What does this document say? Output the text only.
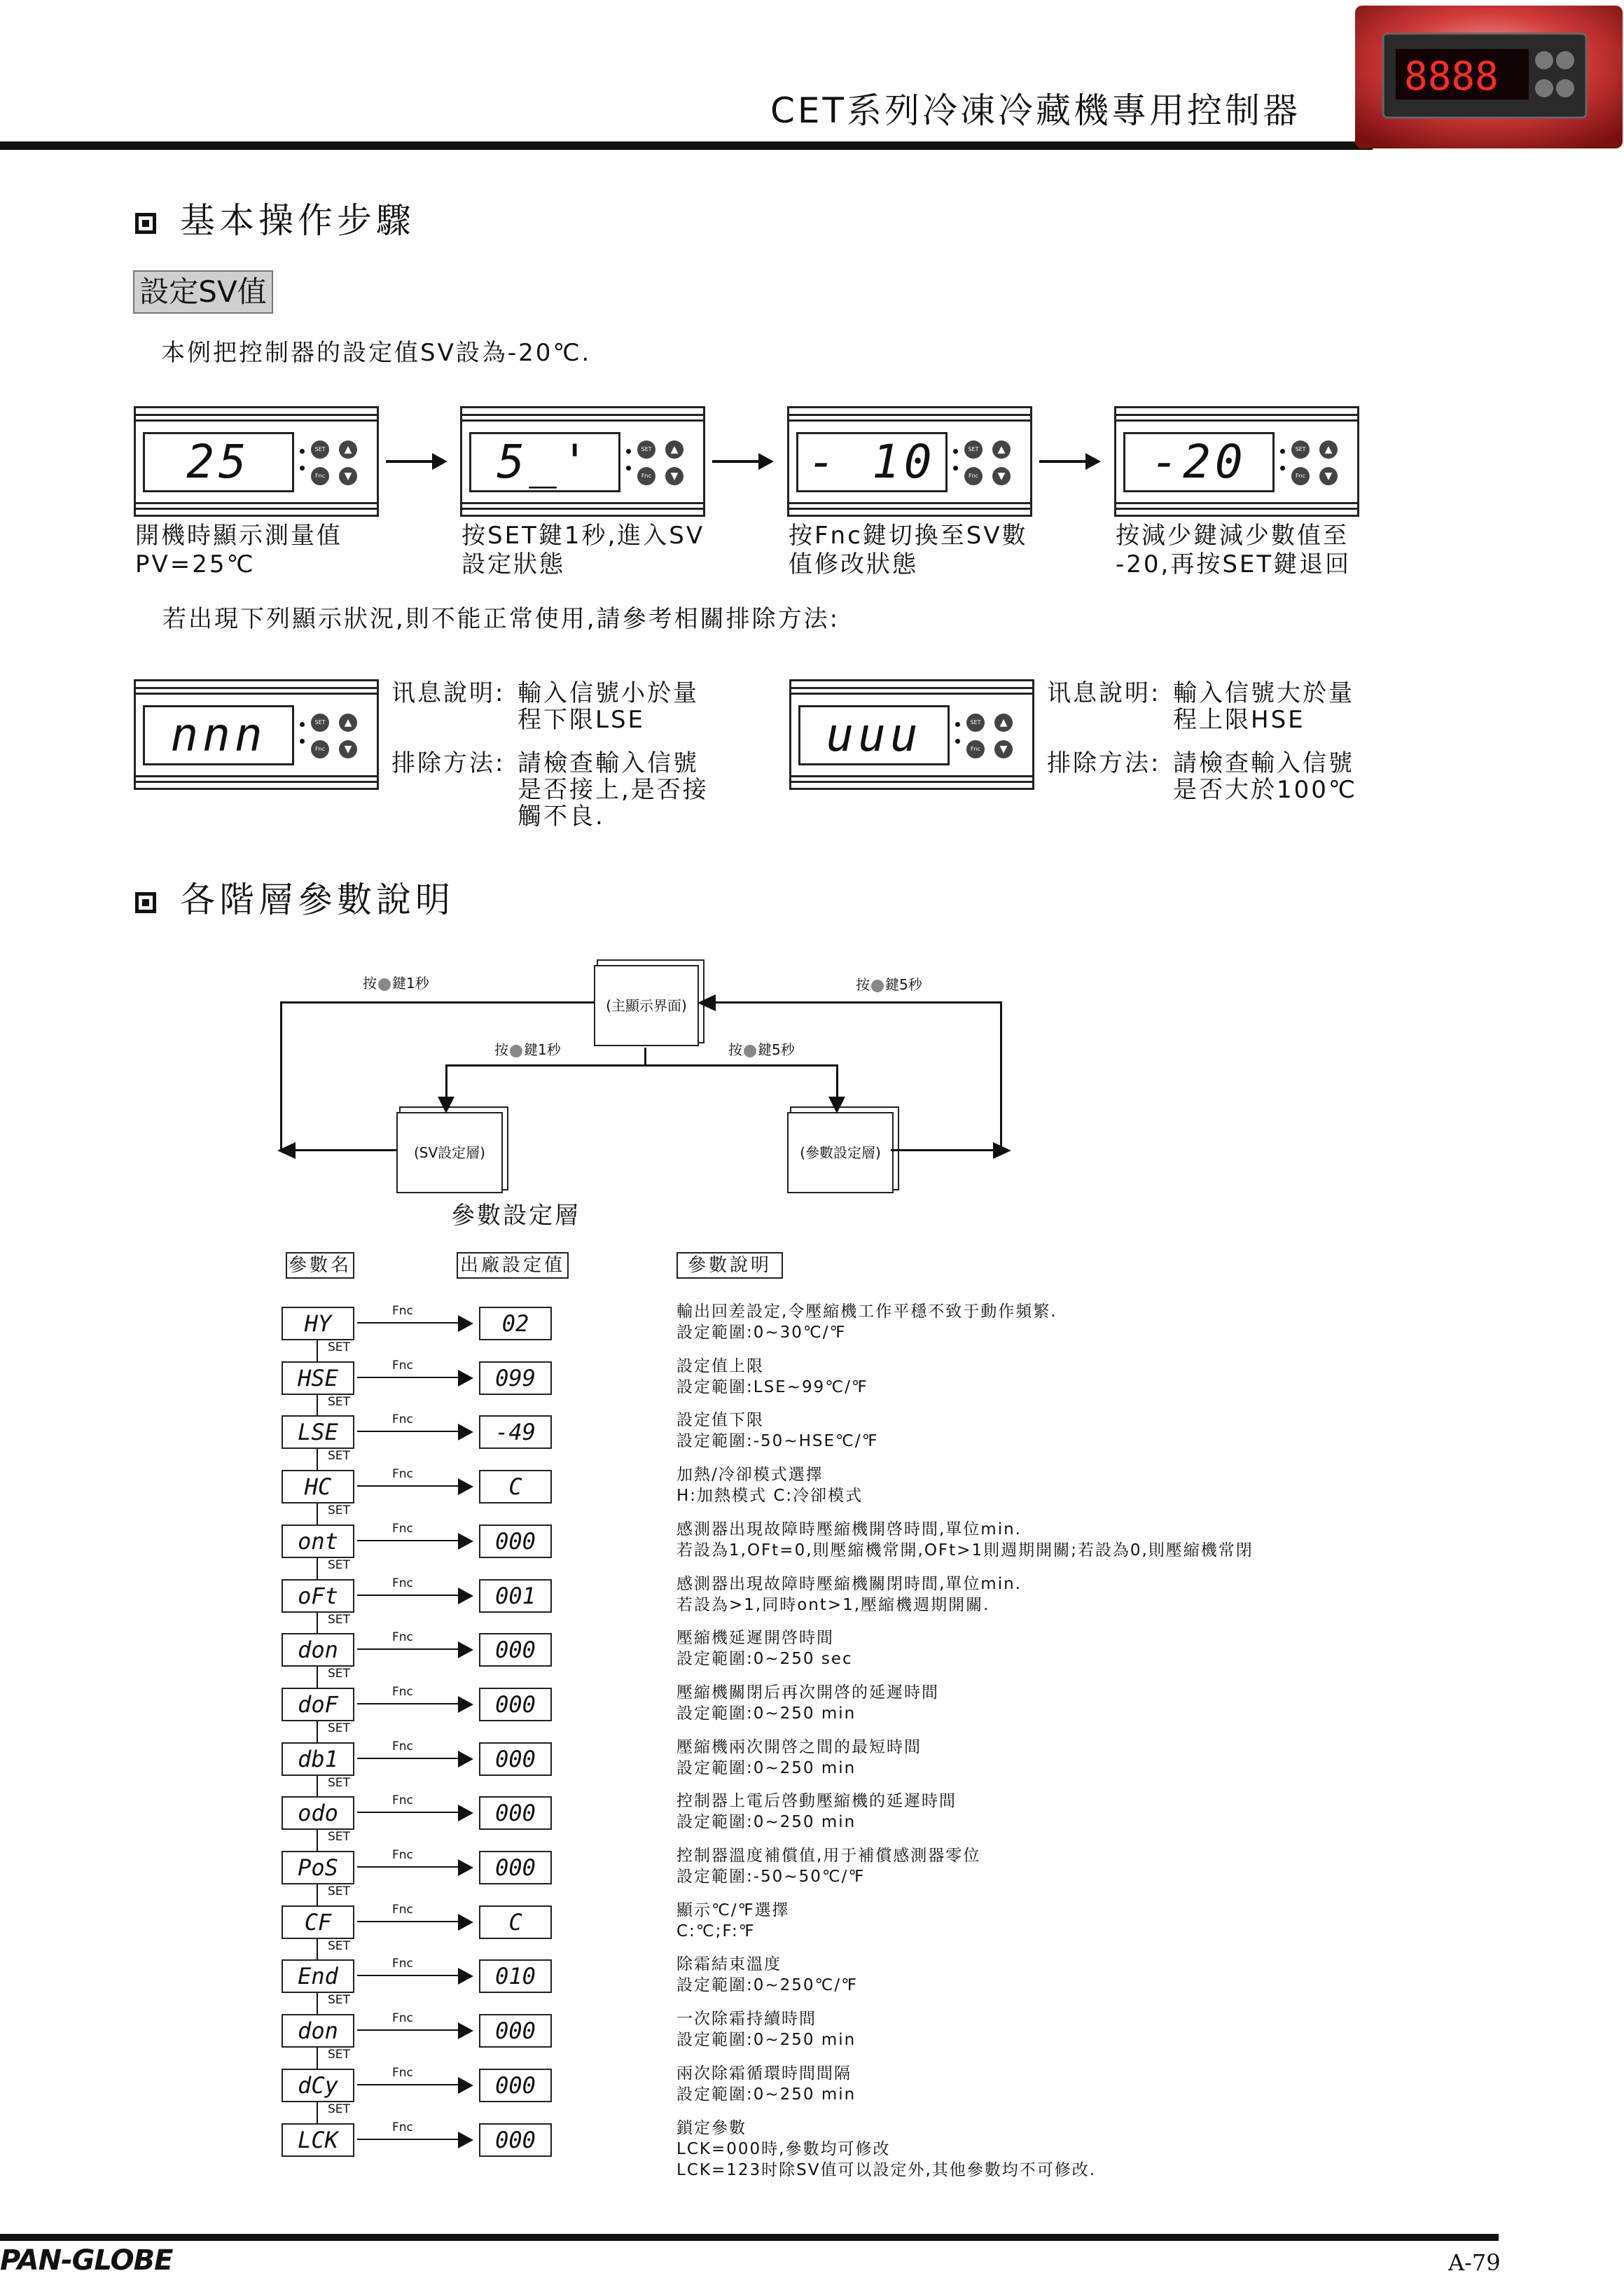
CET系列冷凍冷藏機專用控制器
8888
基本操作步驟
設定SV值
本例把控制器的設定值SV設為-20℃.
25	SET
Fnc
▲
▼
開機時顯示測量值
PV=25℃
5_'	SET
Fnc
▲
▼
按SET鍵1秒,進入SV
設定狀態
- 10	SET
Fnc
▲
▼
按Fnc鍵切換至SV數
值修改狀態
-20	SET
Fnc
▲
▼
按減少鍵減少數值至
-20,再按SET鍵退回
若出現下列顯示狀況,則不能正常使用,請參考相關排除方法:
nnn	SET
Fnc
▲
▼
讯息說明: 輸入信號小於量
程下限LSE
排除方法: 請檢查輸入信號
是否接上,是否接
觸不良.
uuu	SET
Fnc
▲
▼
讯息說明: 輸入信號大於量
程上限HSE
排除方法: 請檢查輸入信號
是否大於100℃
各階層參數說明
(主顯示界面)
(SV設定層)	(參數設定層)
按 鍵1秒	按 鍵5秒
按 鍵1秒	按 鍵5秒
參數設定層
參數名	出廠設定值	參數說明
HY	02
Fnc
SET
輸出回差設定,令壓縮機工作平穩不致于動作頻繁.
設定範圍:0~30℃/℉
HSE	099
Fnc
SET
設定值上限
設定範圍:LSE~99℃/℉
LSE	-49
Fnc
SET
設定值下限
設定範圍:-50~HSE℃/℉
HC	C
Fnc
SET
加熱/冷卻模式選擇
H:加熱模式 C:冷卻模式
ont	000
Fnc
SET
感測器出現故障時壓縮機開啓時間,單位min.
若設為1,OFt=0,則壓縮機常開,OFt>1則週期開關;若設為0,則壓縮機常閉
oFt	001
Fnc
SET
感測器出現故障時壓縮機關閉時間,單位min.
若設為>1,同時ont>1,壓縮機週期開關.
don	000
Fnc
SET
壓縮機延遲開啓時間
設定範圍:0~250 sec
doF	000
Fnc
SET
壓縮機關閉后再次開啓的延遲時間
設定範圍:0~250 min
db1	000
Fnc
SET
壓縮機兩次開啓之間的最短時間
設定範圍:0~250 min
odo	000
Fnc
SET
控制器上電后啓動壓縮機的延遲時間
設定範圍:0~250 min
PoS	000
Fnc
SET
控制器溫度補償值,用于補償感測器零位
設定範圍:-50~50℃/℉
CF	C
Fnc
SET
顯示℃/℉選擇
C:℃;F:℉
End	010
Fnc
SET
除霜結束溫度
設定範圍:0~250℃/℉
don	000
Fnc
SET
一次除霜持續時間
設定範圍:0~250 min
dCy	000
Fnc
SET
兩次除霜循環時間間隔
設定範圍:0~250 min
LCK	000
Fnc	鎖定參數
LCK=000時,參數均可修改
LCK=123时除SV值可以設定外,其他參數均不可修改.
PAN-GLOBE	A-79
